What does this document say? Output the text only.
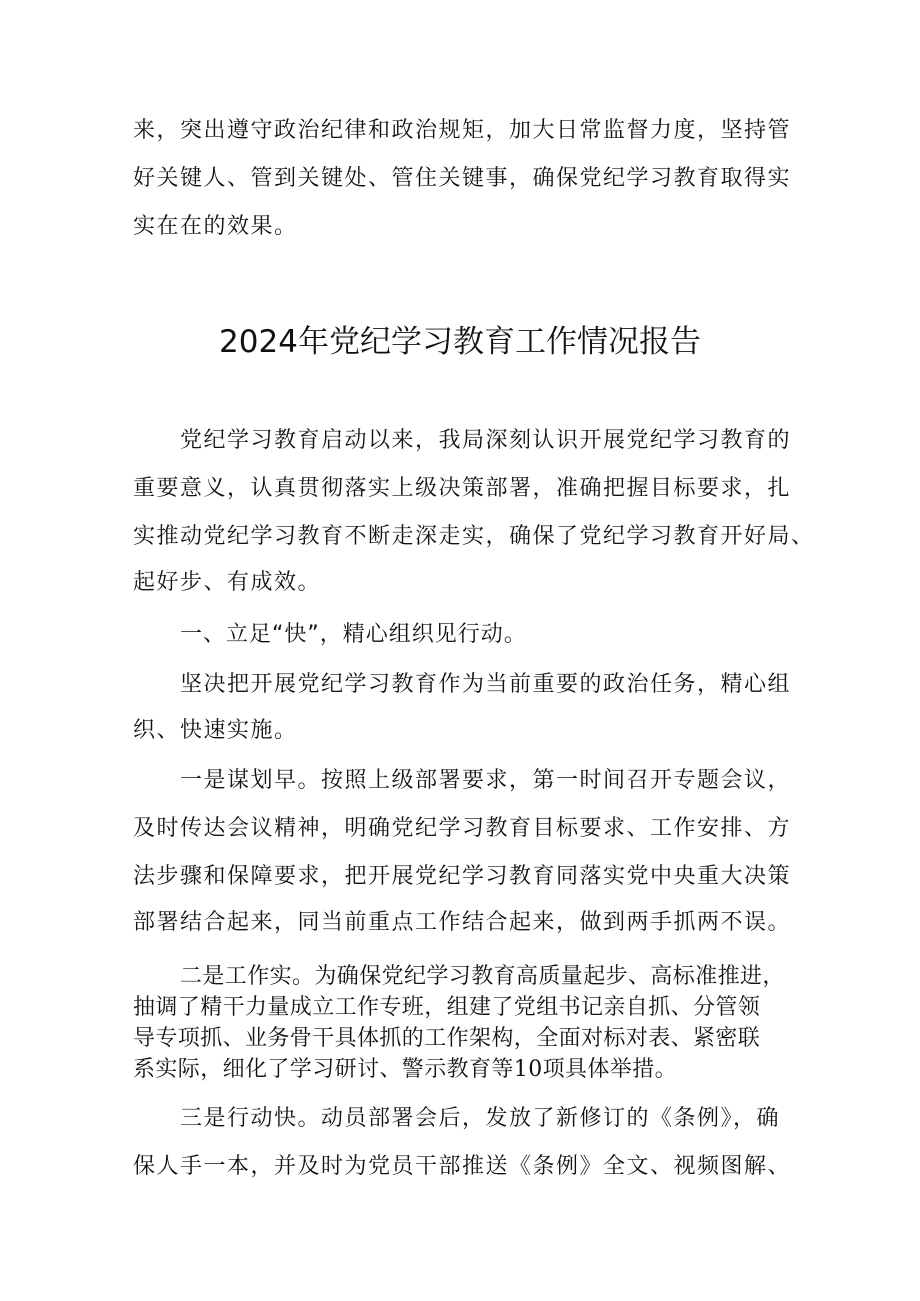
来，突出遵守政治纪律和政治规矩，加大日常监督力度，坚持管
好关键人、管到关键处、管住关键事，确保党纪学习教育取得实
实在在的效果。
2024年党纪学习教育工作情况报告
党纪学习教育启动以来，我局深刻认识开展党纪学习教育的
重要意义，认真贯彻落实上级决策部署，准确把握目标要求，扎
实推动党纪学习教育不断走深走实，确保了党纪学习教育开好局、
起好步、有成效。
一、立足“快”，精心组织见行动。
坚决把开展党纪学习教育作为当前重要的政治任务，精心组
织、快速实施。
一是谋划早。按照上级部署要求，第一时间召开专题会议，
及时传达会议精神，明确党纪学习教育目标要求、工作安排、方
法步骤和保障要求，把开展党纪学习教育同落实党中央重大决策
部署结合起来，同当前重点工作结合起来，做到两手抓两不误。
二是工作实。为确保党纪学习教育高质量起步、高标准推进，
抽调了精干力量成立工作专班，组建了党组书记亲自抓、分管领
导专项抓、业务骨干具体抓的工作架构，全面对标对表、紧密联
系实际，细化了学习研讨、警示教育等10项具体举措。
三是行动快。动员部署会后，发放了新修订的《条例》，确
保人手一本，并及时为党员干部推送《条例》全文、视频图解、
